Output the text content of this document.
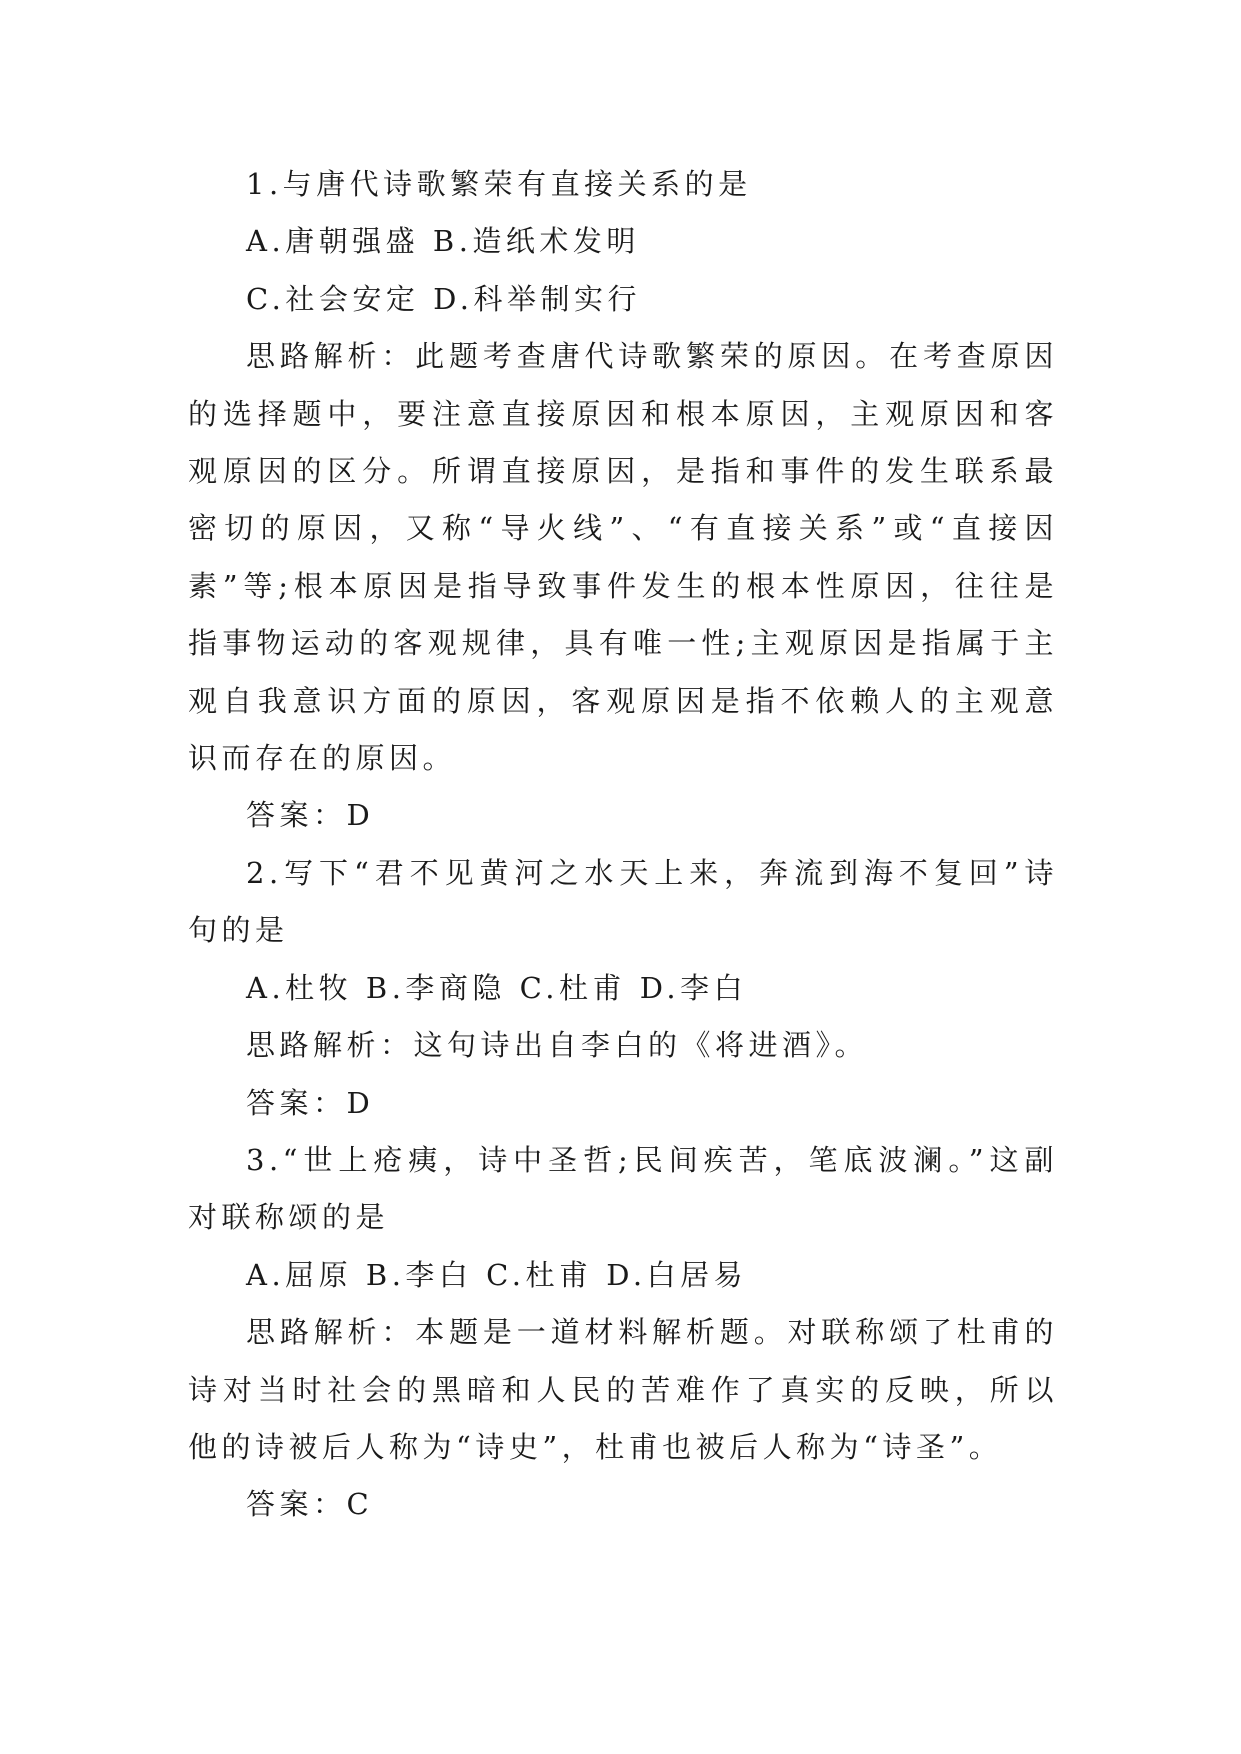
1.与唐代诗歌繁荣有直接关系的是

A.唐朝强盛 B.造纸术发明

C.社会安定 D.科举制实行

思路解析：此题考查唐代诗歌繁荣的原因。在考查原因的选择题中，要注意直接原因和根本原因，主观原因和客观原因的区分。所谓直接原因，是指和事件的发生联系最密切的原因，又称“导火线”、“有直接关系”或“直接因素”等;根本原因是指导致事件发生的根本性原因，往往是指事物运动的客观规律，具有唯一性;主观原因是指属于主观自我意识方面的原因，客观原因是指不依赖人的主观意识而存在的原因。

答案：D

2.写下“君不见黄河之水天上来，奔流到海不复回”诗句的是

A.杜牧 B.李商隐 C.杜甫 D.李白

思路解析：这句诗出自李白的《将进酒》。

答案：D

3.“世上疮痍，诗中圣哲;民间疾苦，笔底波澜。”这副对联称颂的是

A.屈原 B.李白 C.杜甫 D.白居易

思路解析：本题是一道材料解析题。对联称颂了杜甫的诗对当时社会的黑暗和人民的苦难作了真实的反映，所以他的诗被后人称为“诗史”，杜甫也被后人称为“诗圣”。

答案：C
